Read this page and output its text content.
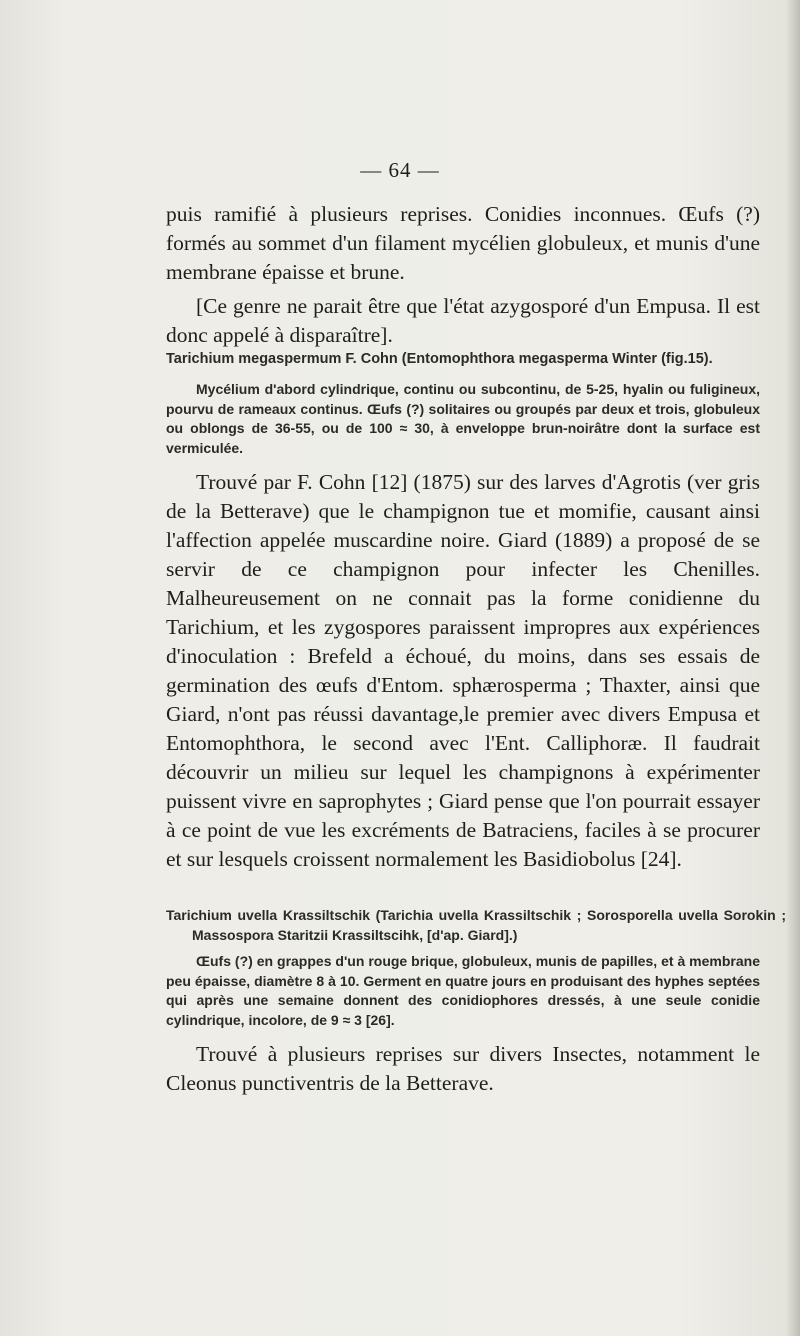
— 64 —
puis ramifié à plusieurs reprises. Conidies inconnues. Œufs (?) formés au sommet d'un filament mycélien globuleux, et munis d'une membrane épaisse et brune.
[Ce genre ne parait être que l'état azygosporé d'un Empusa. Il est donc appelé à disparaître].
Tarichium megaspermum F. Cohn (Entomophthora megasperma Winter (fig.15).
Mycélium d'abord cylindrique, continu ou subcontinu, de 5-25, hyalin ou fuligineux, pourvu de rameaux continus. Œufs (?) solitaires ou groupés par deux et trois, globuleux ou oblongs de 36-55, ou de 100 ≈ 30, à enveloppe brun-noirâtre dont la surface est vermiculée.
Trouvé par F. Cohn [12] (1875) sur des larves d'Agrotis (ver gris de la Betterave) que le champignon tue et momifie, causant ainsi l'affection appelée muscardine noire. Giard (1889) a proposé de se servir de ce champignon pour infecter les Chenilles. Malheureusement on ne connait pas la forme conidienne du Tarichium, et les zygospores paraissent impropres aux expériences d'inoculation : Brefeld a échoué, du moins, dans ses essais de germination des œufs d'Entom. sphærosperma ; Thaxter, ainsi que Giard, n'ont pas réussi davantage,le premier avec divers Empusa et Entomophthora, le second avec l'Ent. Calliphoræ. Il faudrait découvrir un milieu sur lequel les champignons à expérimenter puissent vivre en saprophytes ; Giard pense que l'on pourrait essayer à ce point de vue les excréments de Batraciens, faciles à se procurer et sur lesquels croissent normalement les Basidiobolus [24].
Tarichium uvella Krassiltschik (Tarichia uvella Krassiltschik ; Sorosporella uvella Sorokin ; Massospora Staritzii Krassiltscihk, [d'ap. Giard].)
Œufs (?) en grappes d'un rouge brique, globuleux, munis de papilles, et à membrane peu épaisse, diamètre 8 à 10. Germent en quatre jours en produisant des hyphes septées qui après une semaine donnent des conidiophores dressés, à une seule conidie cylindrique, incolore, de 9 ≈ 3 [26].
Trouvé à plusieurs reprises sur divers Insectes, notamment le Cleonus punctiventris de la Betterave.
